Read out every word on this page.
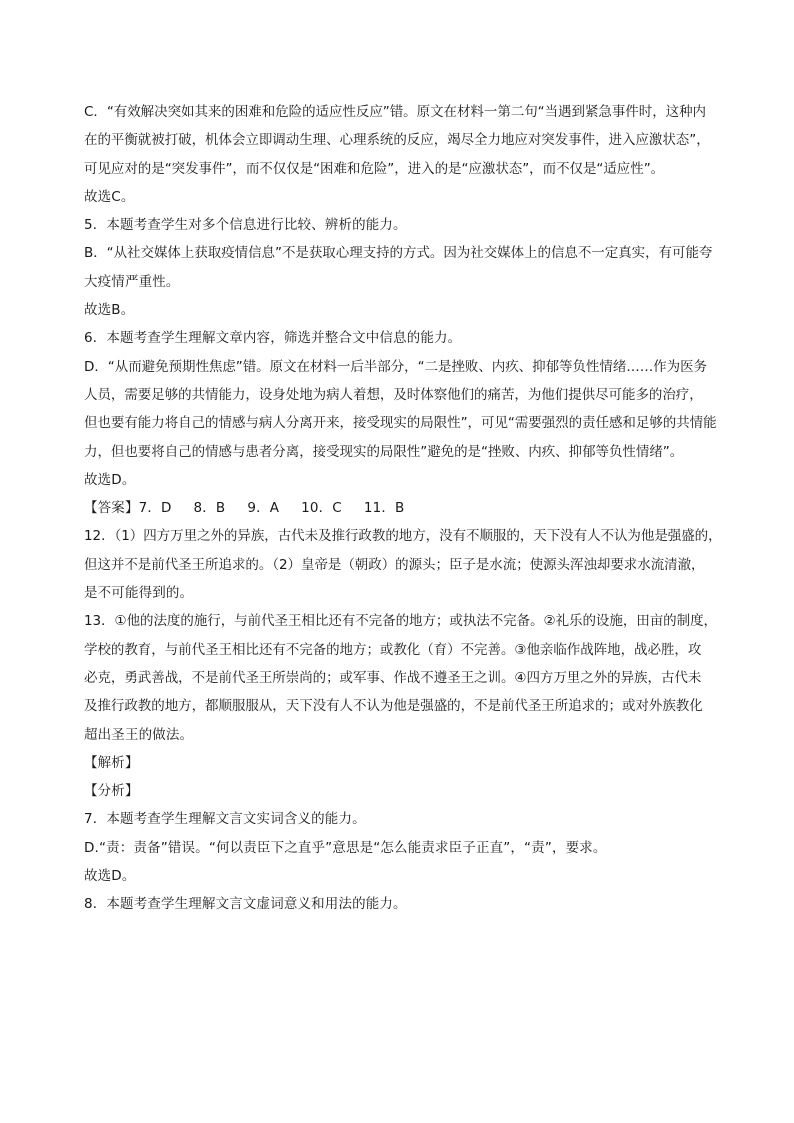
C．“有效解决突如其来的困难和危险的适应性反应”错。原文在材料一第二句“当遇到紧急事件时，这种内
在的平衡就被打破，机体会立即调动生理、心理系统的反应，竭尽全力地应对突发事件，进入应激状态”，
可见应对的是“突发事件”，而不仅仅是“困难和危险”，进入的是“应激状态”，而不仅是“适应性”。
故选C。
5．本题考查学生对多个信息进行比较、辨析的能力。
B．“从社交媒体上获取疫情信息”不是获取心理支持的方式。因为社交媒体上的信息不一定真实，有可能夸
大疫情严重性。
故选B。
6．本题考查学生理解文章内容，筛选并整合文中信息的能力。
D．“从而避免预期性焦虑”错。原文在材料一后半部分，“二是挫败、内疚、抑郁等负性情绪……作为医务
人员，需要足够的共情能力，设身处地为病人着想，及时体察他们的痛苦，为他们提供尽可能多的治疗，
但也要有能力将自己的情感与病人分离开来，接受现实的局限性”，可见“需要强烈的责任感和足够的共情能
力，但也要将自己的情感与患者分离，接受现实的局限性”避免的是“挫败、内疚、抑郁等负性情绪”。
故选D。
【答案】7．D 8．B 9．A 10．C 11．B
12．（1）四方万里之外的异族，古代未及推行政教的地方，没有不顺服的，天下没有人不认为他是强盛的，
但这并不是前代圣王所追求的。（2）皇帝是（朝政）的源头；臣子是水流；使源头浑浊却要求水流清澈，
是不可能得到的。
13．①他的法度的施行，与前代圣王相比还有不完备的地方；或执法不完备。②礼乐的设施，田亩的制度，
学校的教育，与前代圣王相比还有不完备的地方；或教化（育）不完善。③他亲临作战阵地，战必胜，攻
必克，勇武善战，不是前代圣王所崇尚的；或军事、作战不遵圣王之训。④四方万里之外的异族，古代未
及推行政教的地方，都顺服服从，天下没有人不认为他是强盛的，不是前代圣王所追求的；或对外族教化
超出圣王的做法。
【解析】
【分析】
7．本题考查学生理解文言文实词含义的能力。
D.“责：责备”错误。“何以责臣下之直乎”意思是“怎么能责求臣子正直”，“责”，要求。
故选D。
8．本题考查学生理解文言文虚词意义和用法的能力。
